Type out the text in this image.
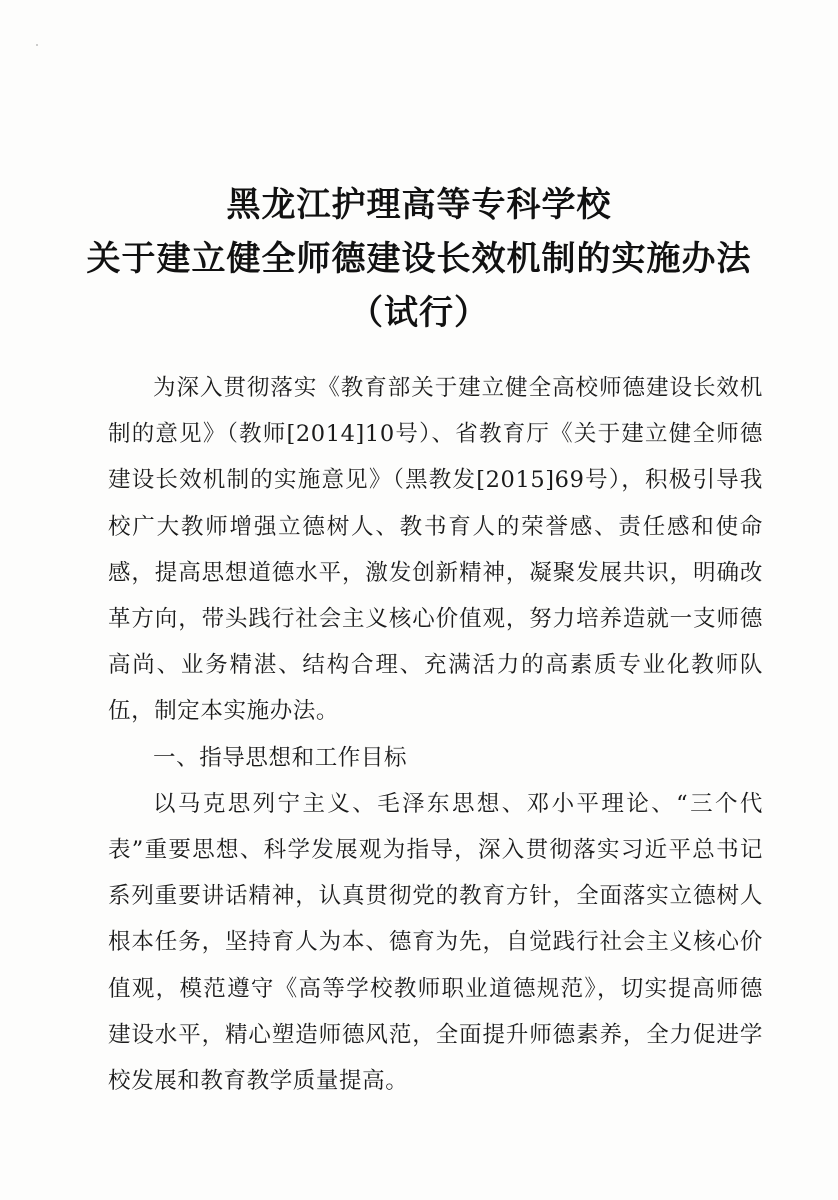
黑龙江护理高等专科学校
关于建立健全师德建设长效机制的实施办法
（试行）

为深入贯彻落实《教育部关于建立健全高校师德建设长效机制的意见》（教师[2014]10号）、省教育厅《关于建立健全师德建设长效机制的实施意见》（黑教发[2015]69号），积极引导我校广大教师增强立德树人、教书育人的荣誉感、责任感和使命感，提高思想道德水平，激发创新精神，凝聚发展共识，明确改革方向，带头践行社会主义核心价值观，努力培养造就一支师德高尚、业务精湛、结构合理、充满活力的高素质专业化教师队伍，制定本实施办法。

一、指导思想和工作目标

以马克思列宁主义、毛泽东思想、邓小平理论、“三个代表”重要思想、科学发展观为指导，深入贯彻落实习近平总书记系列重要讲话精神，认真贯彻党的教育方针，全面落实立德树人根本任务，坚持育人为本、德育为先，自觉践行社会主义核心价值观，模范遵守《高等学校教师职业道德规范》，切实提高师德建设水平，精心塑造师德风范，全面提升师德素养，全力促进学校发展和教育教学质量提高。
